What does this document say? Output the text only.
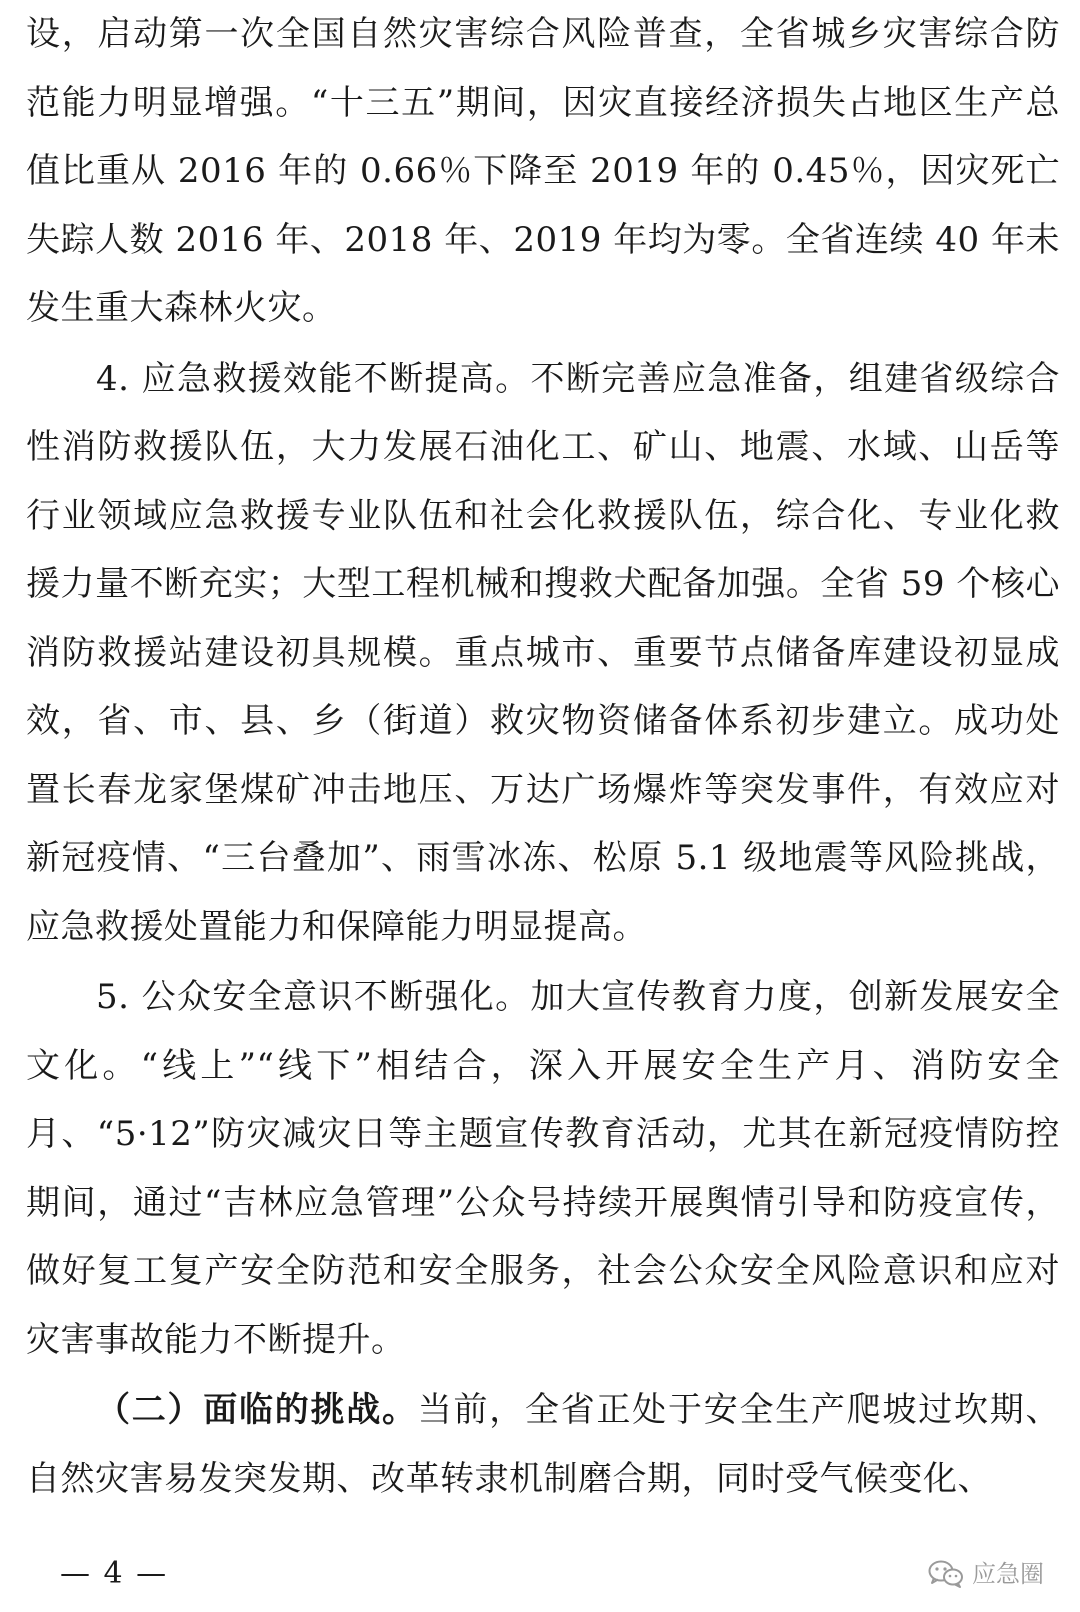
设，启动第一次全国自然灾害综合风险普查，全省城乡灾害综合防范能力明显增强。“十三五”期间，因灾直接经济损失占地区生产总值比重从 2016 年的 0.66％下降至 2019 年的 0.45％，因灾死亡失踪人数 2016 年、2018 年、2019 年均为零。全省连续 40 年未发生重大森林火灾。

4. 应急救援效能不断提高。不断完善应急准备，组建省级综合性消防救援队伍，大力发展石油化工、矿山、地震、水域、山岳等行业领域应急救援专业队伍和社会化救援队伍，综合化、专业化救援力量不断充实；大型工程机械和搜救犬配备加强。全省 59 个核心消防救援站建设初具规模。重点城市、重要节点储备库建设初显成效，省、市、县、乡（街道）救灾物资储备体系初步建立。成功处置长春龙家堡煤矿冲击地压、万达广场爆炸等突发事件，有效应对新冠疫情、“三台叠加”、雨雪冰冻、松原 5.1 级地震等风险挑战，应急救援处置能力和保障能力明显提高。

5. 公众安全意识不断强化。加大宣传教育力度，创新发展安全文化。“线上”“线下”相结合，深入开展安全生产月、消防安全月、“5·12”防灾减灾日等主题宣传教育活动，尤其在新冠疫情防控期间，通过“吉林应急管理”公众号持续开展舆情引导和防疫宣传，做好复工复产安全防范和安全服务，社会公众安全风险意识和应对灾害事故能力不断提升。

（二）面临的挑战。当前，全省正处于安全生产爬坡过坎期、自然灾害易发突发期、改革转隶机制磨合期，同时受气候变化、

— 4 —	应急圈
